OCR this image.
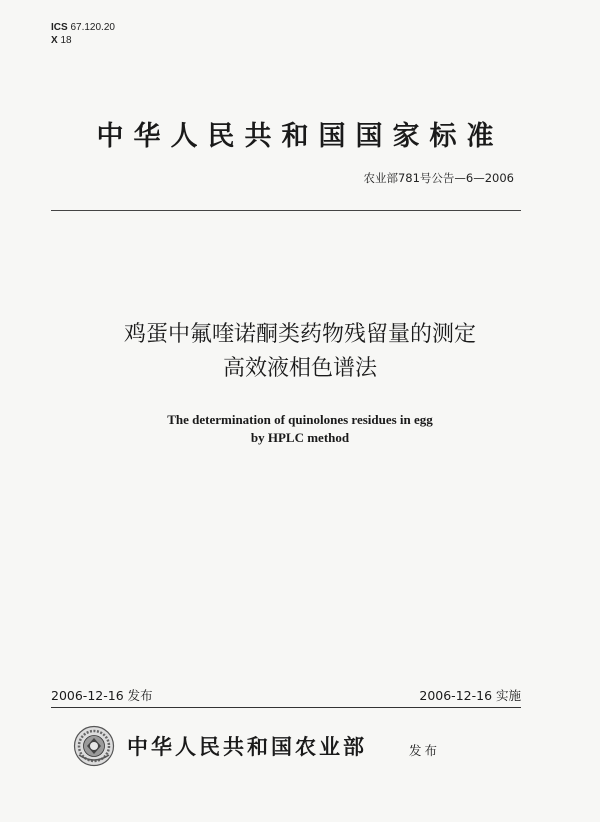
ICS 67.120.20
X 18
中华人民共和国国家标准
农业部781号公告—6—2006
鸡蛋中氟喹诺酮类药物残留量的测定
高效液相色谱法
The determination of quinolones residues in egg
by HPLC method
2006-12-16 发布	2006-12-16 实施
中华人民共和国农业部	发布
